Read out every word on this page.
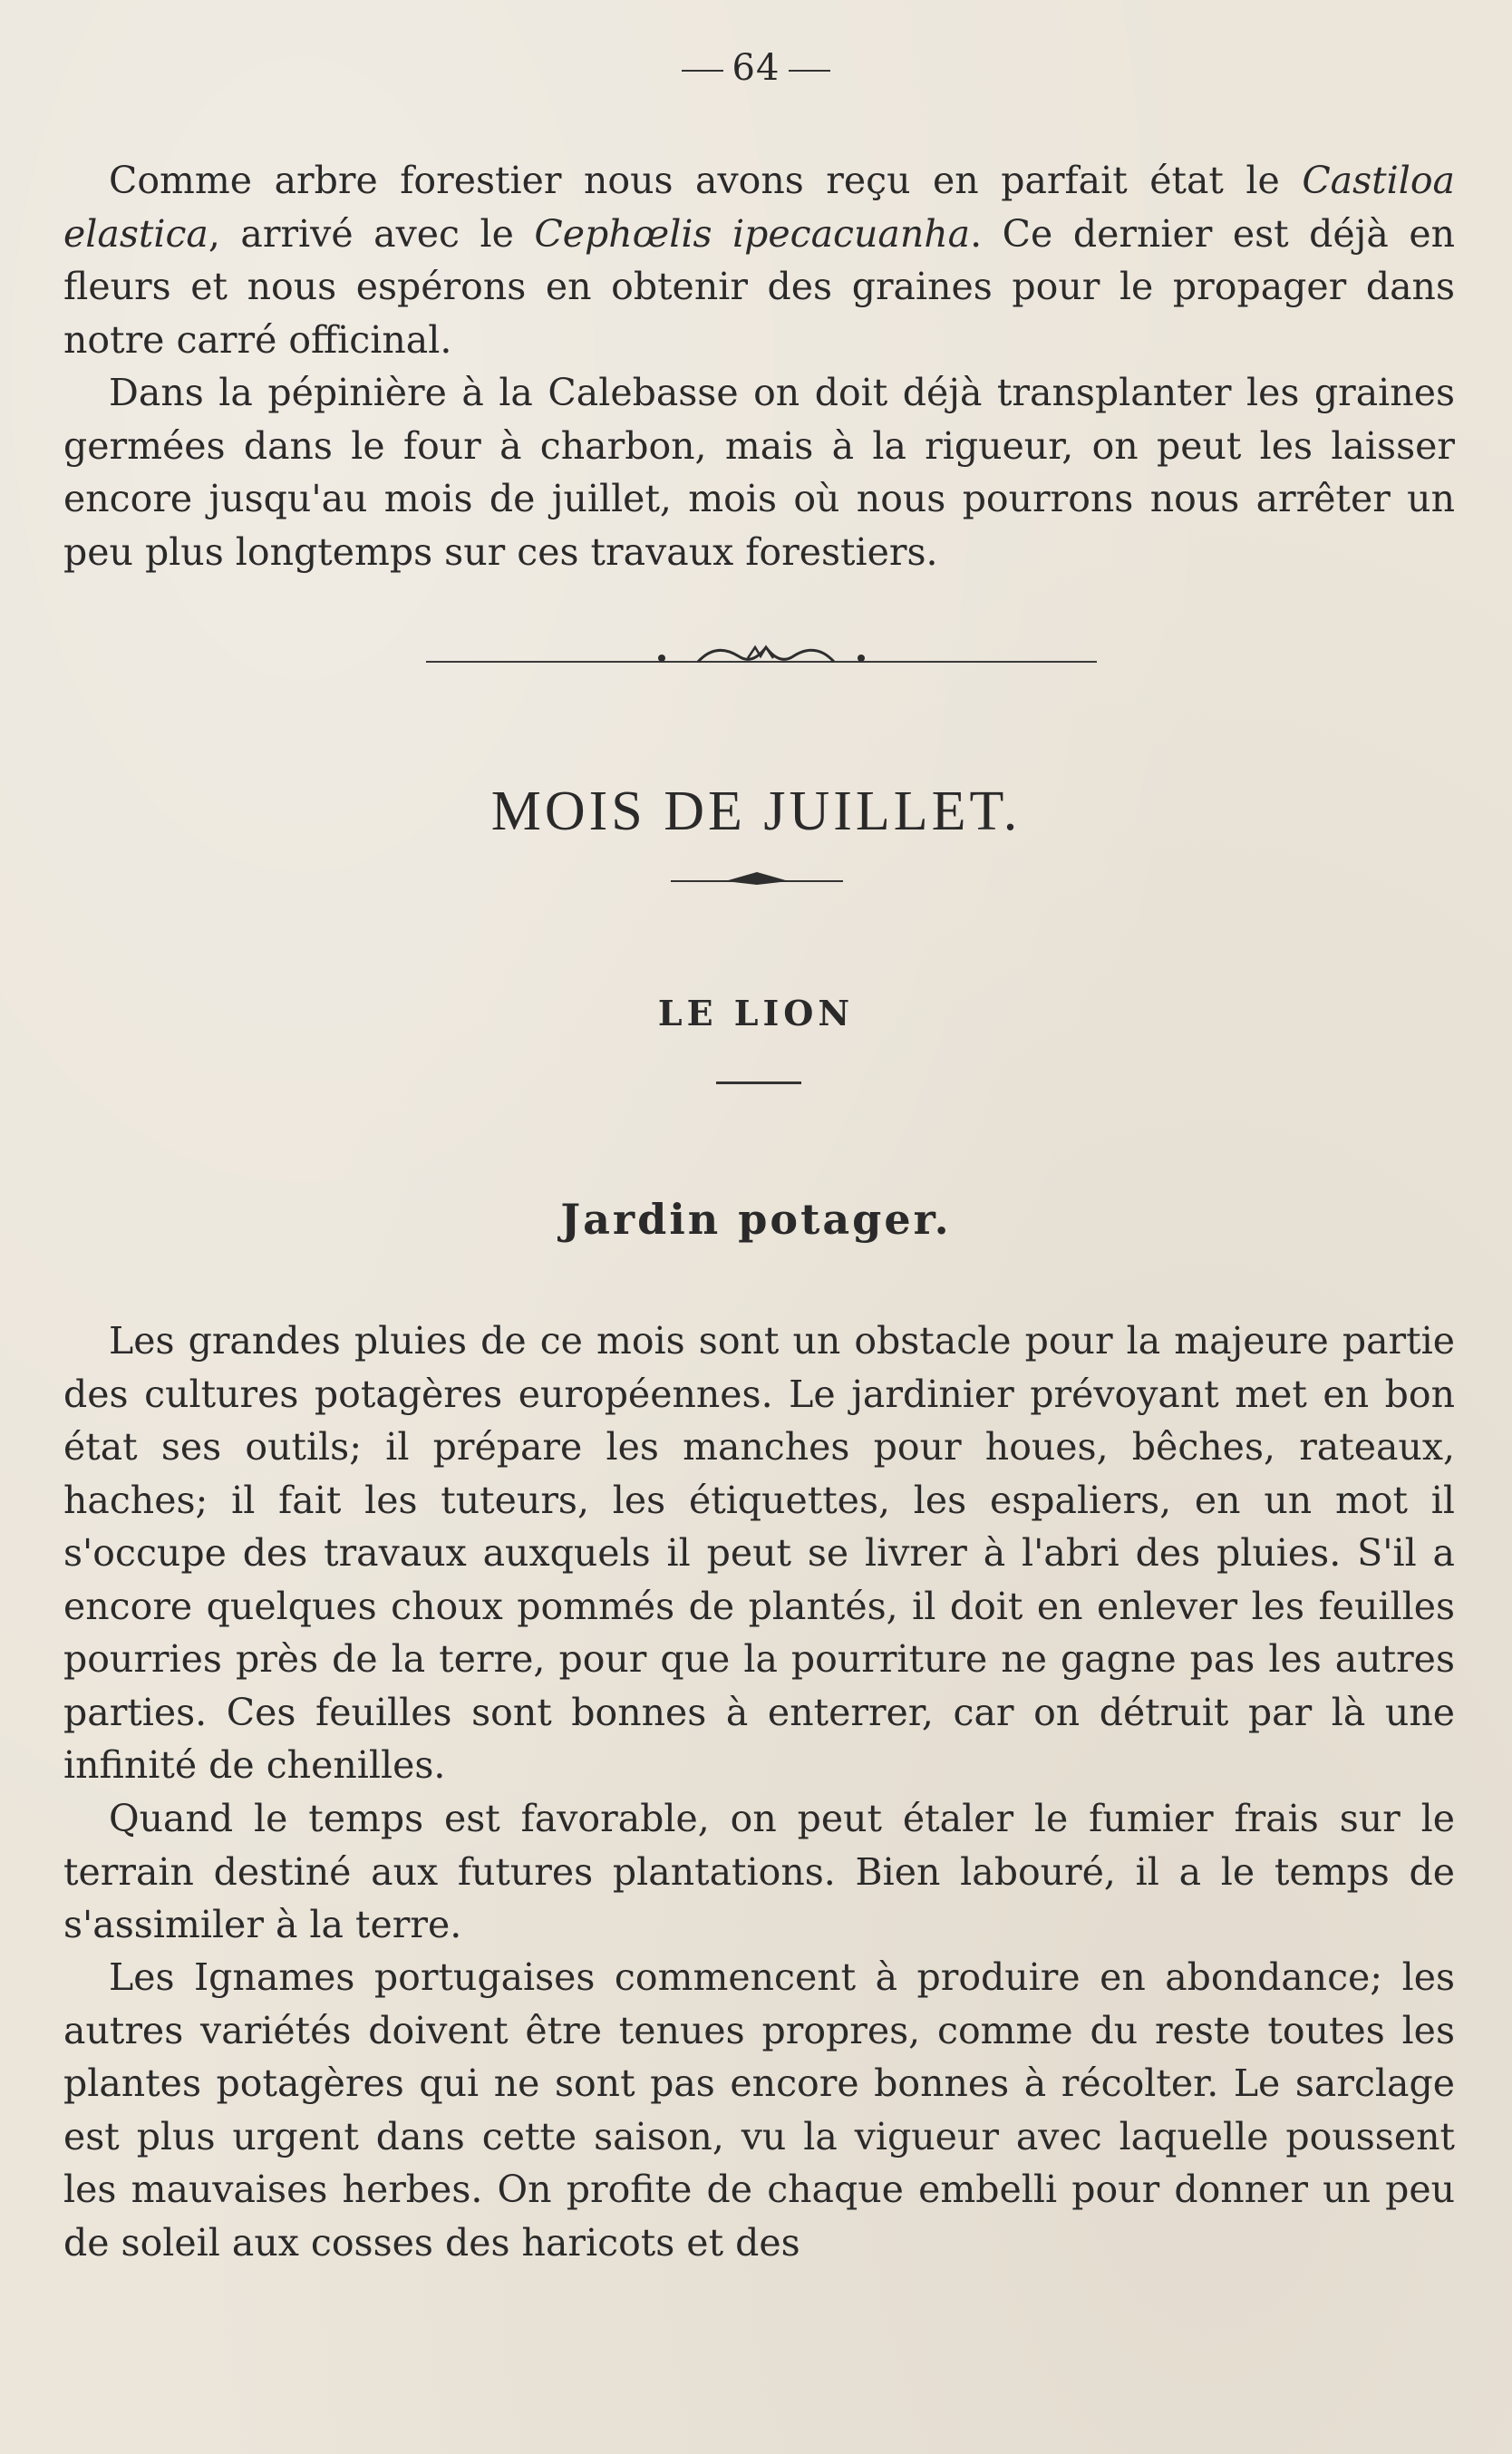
64

Comme arbre forestier nous avons reçu en parfait état le Castiloa elastica, arrivé avec le Cephœlis ipecacuanha. Ce dernier est déjà en fleurs et nous espérons en obtenir des graines pour le propager dans notre carré officinal.

Dans la pépinière à la Calebasse on doit déjà transplanter les graines germées dans le four à charbon, mais à la rigueur, on peut les laisser encore jusqu'au mois de juillet, mois où nous pourrons nous arrêter un peu plus longtemps sur ces travaux forestiers.

MOIS DE JUILLET.
LE LION
Jardin potager.

Les grandes pluies de ce mois sont un obstacle pour la majeure partie des cultures potagères européennes. Le jardinier prévoyant met en bon état ses outils; il prépare les manches pour houes, bêches, rateaux, haches; il fait les tuteurs, les étiquettes, les espaliers, en un mot il s'occupe des travaux auxquels il peut se livrer à l'abri des pluies. S'il a encore quelques choux pommés de plantés, il doit en enlever les feuilles pourries près de la terre, pour que la pourriture ne gagne pas les autres parties. Ces feuilles sont bonnes à enterrer, car on détruit par là une infinité de chenilles.

Quand le temps est favorable, on peut étaler le fumier frais sur le terrain destiné aux futures plantations. Bien labouré, il a le temps de s'assimiler à la terre.

Les Ignames portugaises commencent à produire en abondance; les autres variétés doivent être tenues propres, comme du reste toutes les plantes potagères qui ne sont pas encore bonnes à récolter. Le sarclage est plus urgent dans cette saison, vu la vigueur avec laquelle poussent les mauvaises herbes. On profite de chaque embelli pour donner un peu de soleil aux cosses des haricots et des
